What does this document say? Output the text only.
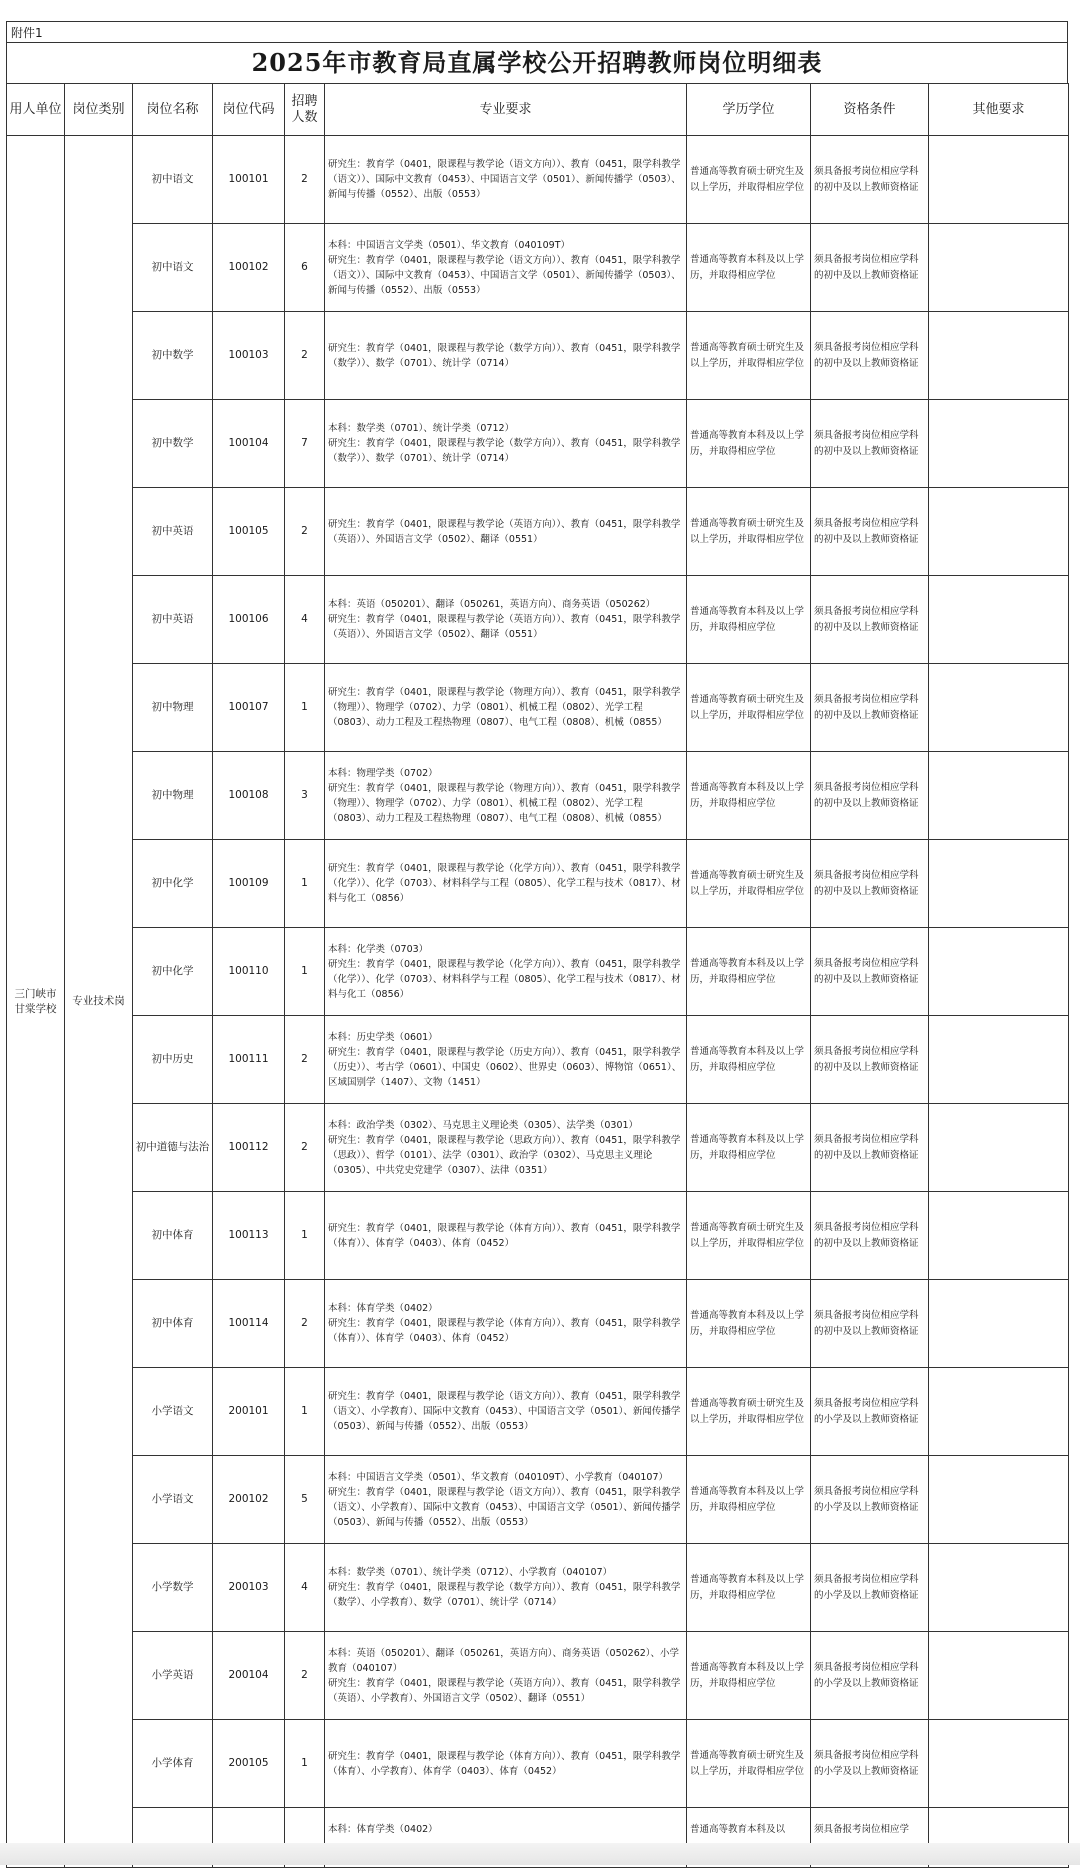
附件1
2025年市教育局直属学校公开招聘教师岗位明细表
用人单位	岗位类别	岗位名称	岗位代码	招聘人数	专业要求	学历学位	资格条件	其他要求
三门峡市甘棠学校	专业技术岗	初中语文	100101	2	研究生：教育学（0401，限课程与教学论（语文方向））、教育（0451，限学科教学（语文））、国际中文教育（0453）、中国语言文学（0501）、新闻传播学（0503）、新闻与传播（0552）、出版（0553）	普通高等教育硕士研究生及以上学历，并取得相应学位	须具备报考岗位相应学科的初中及以上教师资格证	
		初中语文	100102	6	本科：中国语言文学类（0501）、华文教育（040109T）
研究生：教育学（0401，限课程与教学论（语文方向））、教育（0451，限学科教学（语文））、国际中文教育（0453）、中国语言文学（0501）、新闻传播学（0503）、新闻与传播（0552）、出版（0553）	普通高等教育本科及以上学历，并取得相应学位	须具备报考岗位相应学科的初中及以上教师资格证	
		初中数学	100103	2	研究生：教育学（0401，限课程与教学论（数学方向））、教育（0451，限学科教学（数学））、数学（0701）、统计学（0714）	普通高等教育硕士研究生及以上学历，并取得相应学位	须具备报考岗位相应学科的初中及以上教师资格证	
		初中数学	100104	7	本科：数学类（0701）、统计学类（0712）
研究生：教育学（0401，限课程与教学论（数学方向））、教育（0451，限学科教学（数学））、数学（0701）、统计学（0714）	普通高等教育本科及以上学历，并取得相应学位	须具备报考岗位相应学科的初中及以上教师资格证	
		初中英语	100105	2	研究生：教育学（0401，限课程与教学论（英语方向））、教育（0451，限学科教学（英语））、外国语言文学（0502）、翻译（0551）	普通高等教育硕士研究生及以上学历，并取得相应学位	须具备报考岗位相应学科的初中及以上教师资格证	
		初中英语	100106	4	本科：英语（050201）、翻译（050261，英语方向）、商务英语（050262）
研究生：教育学（0401，限课程与教学论（英语方向））、教育（0451，限学科教学（英语））、外国语言文学（0502）、翻译（0551）	普通高等教育本科及以上学历，并取得相应学位	须具备报考岗位相应学科的初中及以上教师资格证	
		初中物理	100107	1	研究生：教育学（0401，限课程与教学论（物理方向））、教育（0451，限学科教学（物理））、物理学（0702）、力学（0801）、机械工程（0802）、光学工程（0803）、动力工程及工程热物理（0807）、电气工程（0808）、机械（0855）	普通高等教育硕士研究生及以上学历，并取得相应学位	须具备报考岗位相应学科的初中及以上教师资格证	
		初中物理	100108	3	本科：物理学类（0702）
研究生：教育学（0401，限课程与教学论（物理方向））、教育（0451，限学科教学（物理））、物理学（0702）、力学（0801）、机械工程（0802）、光学工程（0803）、动力工程及工程热物理（0807）、电气工程（0808）、机械（0855）	普通高等教育本科及以上学历，并取得相应学位	须具备报考岗位相应学科的初中及以上教师资格证	
		初中化学	100109	1	研究生：教育学（0401，限课程与教学论（化学方向））、教育（0451，限学科教学（化学））、化学（0703）、材料科学与工程（0805）、化学工程与技术（0817）、材料与化工（0856）	普通高等教育硕士研究生及以上学历，并取得相应学位	须具备报考岗位相应学科的初中及以上教师资格证	
		初中化学	100110	1	本科：化学类（0703）
研究生：教育学（0401，限课程与教学论（化学方向））、教育（0451，限学科教学（化学））、化学（0703）、材料科学与工程（0805）、化学工程与技术（0817）、材料与化工（0856）	普通高等教育本科及以上学历，并取得相应学位	须具备报考岗位相应学科的初中及以上教师资格证	
		初中历史	100111	2	本科：历史学类（0601）
研究生：教育学（0401，限课程与教学论（历史方向））、教育（0451，限学科教学（历史））、考古学（0601）、中国史（0602）、世界史（0603）、博物馆（0651）、区域国别学（1407）、文物（1451）	普通高等教育本科及以上学历，并取得相应学位	须具备报考岗位相应学科的初中及以上教师资格证	
		初中道德与法治	100112	2	本科：政治学类（0302）、马克思主义理论类（0305）、法学类（0301）
研究生：教育学（0401，限课程与教学论（思政方向））、教育（0451，限学科教学（思政））、哲学（0101）、法学（0301）、政治学（0302）、马克思主义理论（0305）、中共党史党建学（0307）、法律（0351）	普通高等教育本科及以上学历，并取得相应学位	须具备报考岗位相应学科的初中及以上教师资格证	
		初中体育	100113	1	研究生：教育学（0401，限课程与教学论（体育方向））、教育（0451，限学科教学（体育））、体育学（0403）、体育（0452）	普通高等教育硕士研究生及以上学历，并取得相应学位	须具备报考岗位相应学科的初中及以上教师资格证	
		初中体育	100114	2	本科：体育学类（0402）
研究生：教育学（0401，限课程与教学论（体育方向））、教育（0451，限学科教学（体育））、体育学（0403）、体育（0452）	普通高等教育本科及以上学历，并取得相应学位	须具备报考岗位相应学科的初中及以上教师资格证	
		小学语文	200101	1	研究生：教育学（0401，限课程与教学论（语文方向））、教育（0451，限学科教学（语文）、小学教育）、国际中文教育（0453）、中国语言文学（0501）、新闻传播学（0503）、新闻与传播（0552）、出版（0553）	普通高等教育硕士研究生及以上学历，并取得相应学位	须具备报考岗位相应学科的小学及以上教师资格证	
		小学语文	200102	5	本科：中国语言文学类（0501）、华文教育（040109T）、小学教育（040107）
研究生：教育学（0401，限课程与教学论（语文方向））、教育（0451，限学科教学（语文）、小学教育）、国际中文教育（0453）、中国语言文学（0501）、新闻传播学（0503）、新闻与传播（0552）、出版（0553）	普通高等教育本科及以上学历，并取得相应学位	须具备报考岗位相应学科的小学及以上教师资格证	
		小学数学	200103	4	本科：数学类（0701）、统计学类（0712）、小学教育（040107）
研究生：教育学（0401，限课程与教学论（数学方向））、教育（0451，限学科教学（数学）、小学教育）、数学（0701）、统计学（0714）	普通高等教育本科及以上学历，并取得相应学位	须具备报考岗位相应学科的小学及以上教师资格证	
		小学英语	200104	2	本科：英语（050201）、翻译（050261，英语方向）、商务英语（050262）、小学教育（040107）
研究生：教育学（0401，限课程与教学论（英语方向））、教育（0451，限学科教学（英语）、小学教育）、外国语言文学（0502）、翻译（0551）	普通高等教育本科及以上学历，并取得相应学位	须具备报考岗位相应学科的小学及以上教师资格证	
		小学体育	200105	1	研究生：教育学（0401，限课程与教学论（体育方向））、教育（0451，限学科教学（体育）、小学教育）、体育学（0403）、体育（0452）	普通高等教育硕士研究生及以上学历，并取得相应学位	须具备报考岗位相应学科的小学及以上教师资格证	
					本科：体育学类（0402）	普通高等教育本科及以	须具备报考岗位相应学	
